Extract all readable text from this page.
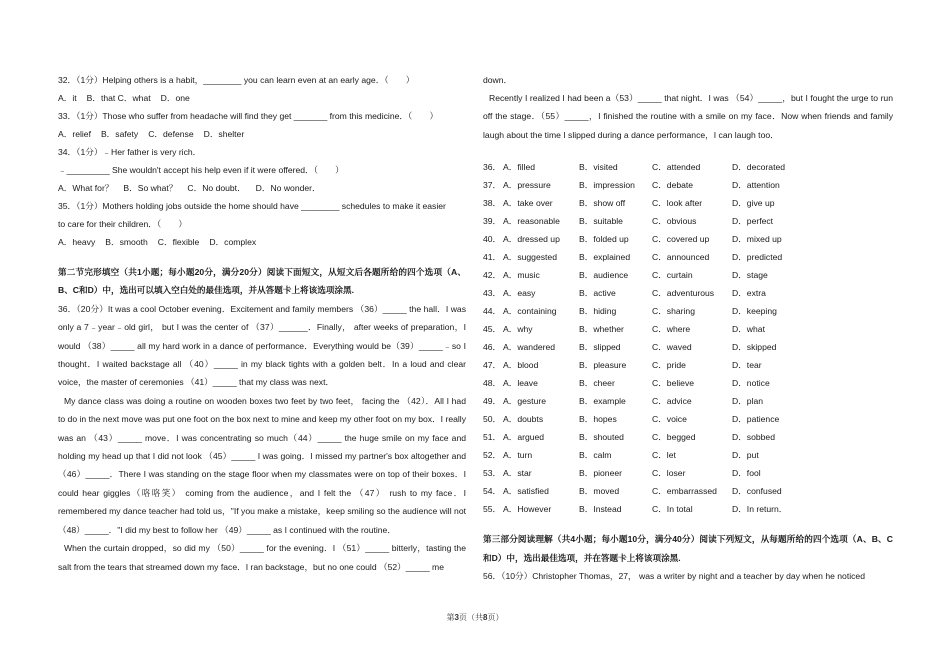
32．（1分）Helping others is a habit，________ you can learn even at an early age．（　　）
A．it B．that C．what D．one
33．（1分）Those who suffer from headache will find they get _______ from this medicine．（　　）
A．relief B．safety C．defense D．shelter
34．（1分）﹣Her father is very rich．
﹣_________ She wouldn't accept his help even if it were offered．（　　）
A．What for？ B．So what？ C．No doubt． D．No wonder．
35．（1分）Mothers holding jobs outside the home should have ________ schedules to make it easier
to care for their children．（　　）
A．heavy B．smooth C．flexible D．complex
第二节完形填空（共1小题；每小题20分，满分20分）阅读下面短文，从短文后各题所给的四个选项（A、B、C和D）中，选出可以填入空白处的最佳选项，并从答题卡上将该选项涂黑.
36．（20分）It was a cool October evening．Excitement and family members （36）_____ the hall．I was only a 7﹣year﹣old girl， but I was the center of （37）______．Finally， after weeks of preparation，I would （38）_____ all my hard work in a dance of performance．Everything would be（39）_____﹣so I thought．I waited backstage all （40）_____ in my black tights with a golden belt．In a loud and clear voice，the master of ceremonies （41）_____ that my class was next．
My dance class was doing a routine on wooden boxes two feet by two feet， facing the （42）．All I had to do in the next move was put one foot on the box next to mine and keep my other foot on my box．I really was an （43）_____ move．I was concentrating so much（44）_____ the huge smile on my face and holding my head up that I did not look （45）_____ I was going．I missed my partner's box altogether and （46）_____．There I was standing on the stage floor when my classmates were on top of their boxes．I could hear giggles（咯咯笑） coming from the audience，and I felt the （47） rush to my face．I remembered my dance teacher had told us，"If you make a mistake，keep smiling so the audience will not（48）_____．"I did my best to follow her （49）_____ as I continued with the routine．
When the curtain dropped，so did my （50）_____ for the evening．I （51）_____ bitterly，tasting the salt from the tears that streamed down my face．I ran backstage，but no one could （52）_____ me
down．
Recently I realized I had been a（53）_____ that night．I was （54）_____，but I fought the urge to run off the stage．（55）_____，I finished the routine with a smile on my face．Now when friends and family laugh about the time I slipped during a dance performance，I can laugh too．
36． A．filled	B．visited	C．attended	D．decorated
37． A．pressure	B．impression C．debate	D．attention
38． A．take over	B．show off	C．look after	D．give up
39． A．reasonable B．suitable	C．obvious	D．perfect
40． A．dressed up B．folded up	C．covered up	D．mixed up
41． A．suggested	B．explained	C．announced	D．predicted
42． A．music	B．audience	C．curtain	D．stage
43． A．easy	B．active	C．adventurous D．extra
44． A．containing	B．hiding	C．sharing	D．keeping
45． A．why	B．whether	C．where	D．what
46． A．wandered	B．slipped	C．waved	D．skipped
47． A．blood	B．pleasure	C．pride	D．tear
48． A．leave	B．cheer	C．believe	D．notice
49． A．gesture	B．example	C．advice	D．plan
50． A．doubts	B．hopes	C．voice	D．patience
51． A．argued	B．shouted	C．begged	D．sobbed
52． A．turn	B．calm	C．let	D．put
53． A．star	B．pioneer	C．loser	D．fool
54． A．satisfied	B．moved	C．embarrassed D．confused
55． A．However	B．Instead	C．In total	D．In return．
第三部分阅读理解（共4小题；每小题10分，满分40分）阅读下列短文，从每题所给的四个选项（A、B、C和D）中，选出最佳选项，并在答题卡上将该项涂黑.
56．（10分）Christopher Thomas，27， was a writer by night and a teacher by day when he noticed
第3页（共8页）
